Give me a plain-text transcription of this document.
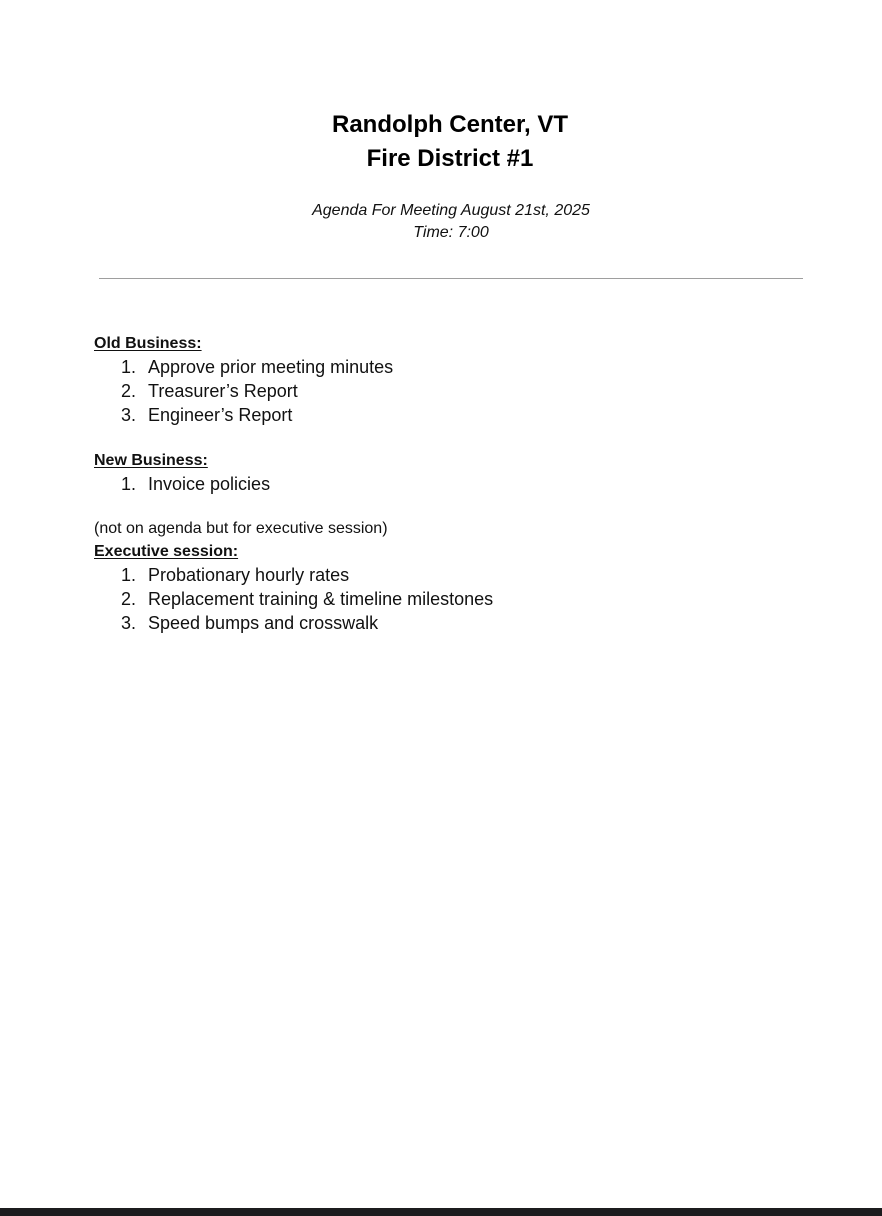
Randolph Center, VT
Fire District #1
Agenda For Meeting August 21st, 2025
Time: 7:00
Old Business:
1. Approve prior meeting minutes
2. Treasurer’s Report
3. Engineer’s Report
New Business:
1. Invoice policies
(not on agenda but for executive session)
Executive session:
1. Probationary hourly rates
2. Replacement training & timeline milestones
3. Speed bumps and crosswalk
